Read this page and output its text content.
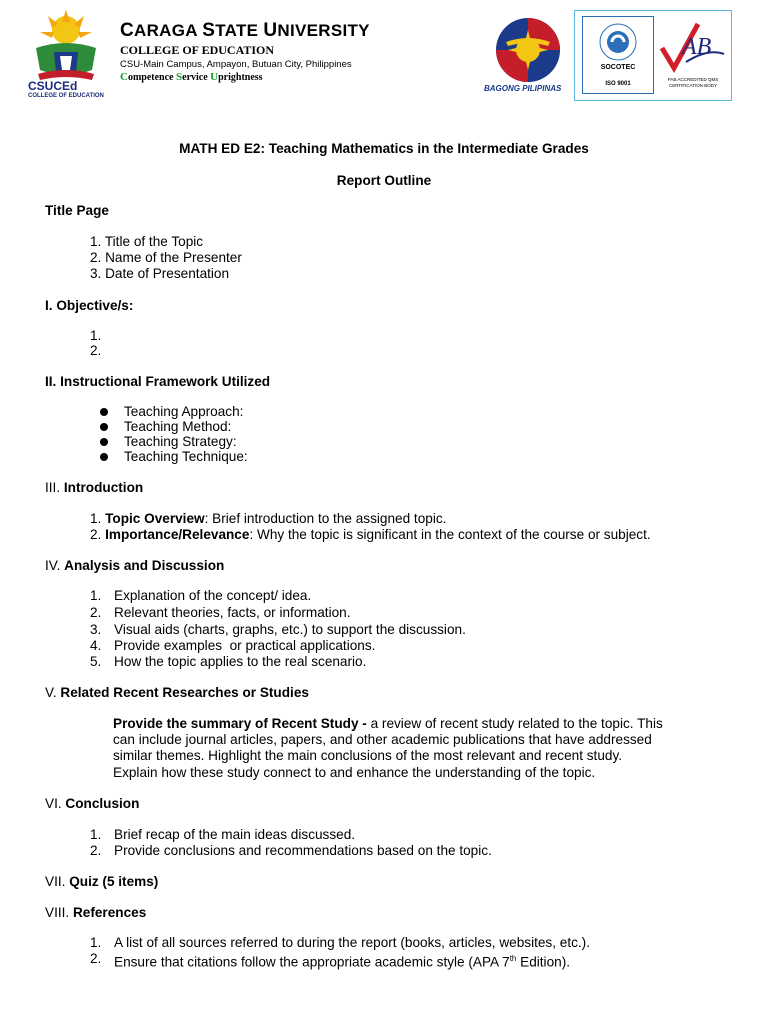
CSUCEd
COLLEGE OF EDUCATION
CARAGA STATE UNIVERSITY
COLLEGE OF EDUCATION
CSU-Main Campus, Ampayon, Butuan City, Philippines
Competence Service Uprightness
BAGONG PILIPINAS
SOCOTEC
ISO 9001
AB
PAB ACCREDITED QMS CERTIFICATION BODY
MATH ED E2: Teaching Mathematics in the Intermediate Grades
Report Outline
Title Page
1. Title of the Topic
2. Name of the Presenter
3. Date of Presentation
I. Objective/s:
1.
2.
II. Instructional Framework Utilized
Teaching Approach:
Teaching Method:
Teaching Strategy:
Teaching Technique:
III. Introduction
1. Topic Overview: Brief introduction to the assigned topic.
2. Importance/Relevance: Why the topic is significant in the context of the course or subject.
IV. Analysis and Discussion
1. Explanation of the concept/ idea.
2. Relevant theories, facts, or information.
3. Visual aids (charts, graphs, etc.) to support the discussion.
4. Provide examples  or practical applications.
5. How the topic applies to the real scenario.
V. Related Recent Researches or Studies
Provide the summary of Recent Study - a review of recent study related to the topic. This
can include journal articles, papers, and other academic publications that have addressed
similar themes. Highlight the main conclusions of the most relevant and recent study.
Explain how these study connect to and enhance the understanding of the topic.
VI. Conclusion
1. Brief recap of the main ideas discussed.
2. Provide conclusions and recommendations based on the topic.
VII. Quiz (5 items)
VIII. References
1. A list of all sources referred to during the report (books, articles, websites, etc.).
2. Ensure that citations follow the appropriate academic style (APA 7th Edition).
